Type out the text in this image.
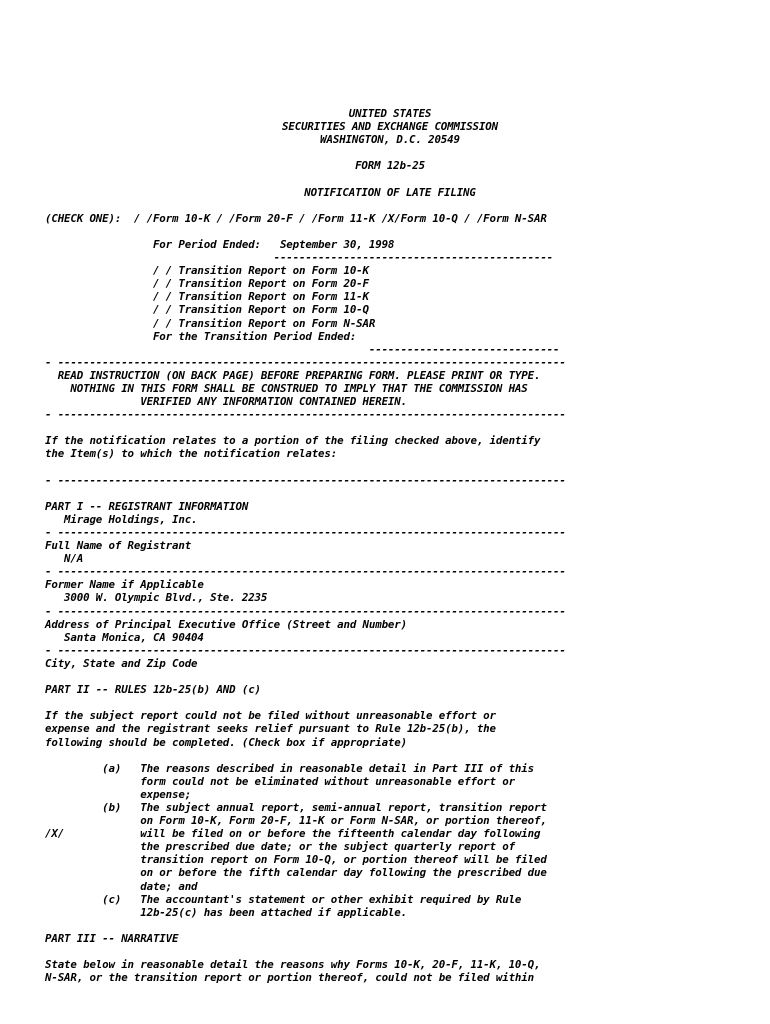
UNITED STATES
SECURITIES AND EXCHANGE COMMISSION
WASHINGTON, D.C. 20549
FORM 12b-25
NOTIFICATION OF LATE FILING
(CHECK ONE):  / /Form 10-K / /Form 20-F / /Form 11-K /X/Form 10-Q / /Form N-SAR
For Period Ended:   September 30, 1998
--------------------------------------------
/ / Transition Report on Form 10-K
/ / Transition Report on Form 20-F
/ / Transition Report on Form 11-K
/ / Transition Report on Form 10-Q
/ / Transition Report on Form N-SAR
For the Transition Period Ended:
------------------------------
- --------------------------------------------------------------------------------
READ INSTRUCTION (ON BACK PAGE) BEFORE PREPARING FORM. PLEASE PRINT OR TYPE.
NOTHING IN THIS FORM SHALL BE CONSTRUED TO IMPLY THAT THE COMMISSION HAS
VERIFIED ANY INFORMATION CONTAINED HEREIN.
- --------------------------------------------------------------------------------
If the notification relates to a portion of the filing checked above, identify
the Item(s) to which the notification relates:
- --------------------------------------------------------------------------------
PART I -- REGISTRANT INFORMATION
Mirage Holdings, Inc.
- --------------------------------------------------------------------------------
Full Name of Registrant
N/A
- --------------------------------------------------------------------------------
Former Name if Applicable
3000 W. Olympic Blvd., Ste. 2235
- --------------------------------------------------------------------------------
Address of Principal Executive Office (Street and Number)
Santa Monica, CA 90404
- --------------------------------------------------------------------------------
City, State and Zip Code
PART II -- RULES 12b-25(b) AND (c)
If the subject report could not be filed without unreasonable effort or
expense and the registrant seeks relief pursuant to Rule 12b-25(b), the
following should be completed. (Check box if appropriate)
(a)   The reasons described in reasonable detail in Part III of this
form could not be eliminated without unreasonable effort or
expense;
(b)   The subject annual report, semi-annual report, transition report
on Form 10-K, Form 20-F, 11-K or Form N-SAR, or portion thereof,
/X/            will be filed on or before the fifteenth calendar day following
the prescribed due date; or the subject quarterly report of
transition report on Form 10-Q, or portion thereof will be filed
on or before the fifth calendar day following the prescribed due
date; and
(c)   The accountant's statement or other exhibit required by Rule
12b-25(c) has been attached if applicable.
PART III -- NARRATIVE
State below in reasonable detail the reasons why Forms 10-K, 20-F, 11-K, 10-Q,
N-SAR, or the transition report or portion thereof, could not be filed within
